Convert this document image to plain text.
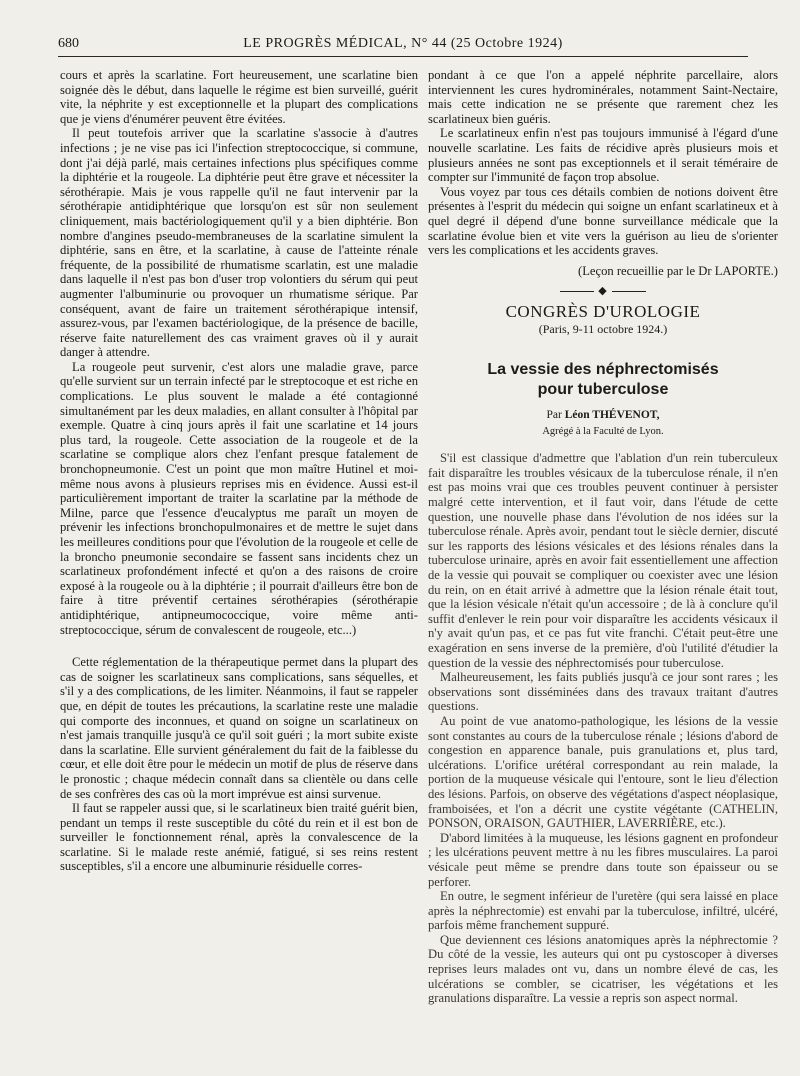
680	LE PROGRÈS MÉDICAL, N° 44 (25 Octobre 1924)

cours et après la scarlatine. Fort heureusement, une scarlatine bien soignée dès le début, dans laquelle le régime est bien surveillé, guérit vite, la néphrite y est exceptionnelle et la plupart des complications que je viens d'énumérer peuvent être évitées.

Il peut toutefois arriver que la scarlatine s'associe à d'autres infections ; je ne vise pas ici l'infection streptococcique, si commune, dont j'ai déjà parlé, mais certaines infections plus spécifiques comme la diphtérie et la rougeole. La diphtérie peut être grave et nécessiter la sérothérapie. Mais je vous rappelle qu'il ne faut intervenir par la sérothérapie antidiphtérique que lorsqu'on est sûr non seulement cliniquement, mais bactériologiquement qu'il y a bien diphtérie. Bon nombre d'angines pseudo-membraneuses de la scarlatine simulent la diphtérie, sans en être, et la scarlatine, à cause de l'atteinte rénale fréquente, de la possibilité de rhumatisme scarlatin, est une maladie dans laquelle il n'est pas bon d'user trop volontiers du sérum qui peut augmenter l'albuminurie ou provoquer un rhumatisme sérique. Par conséquent, avant de faire un traitement sérothérapique intensif, assurez-vous, par l'examen bactériologique, de la présence de bacille, réserve faite naturellement des cas vraiment graves où il y aurait danger à attendre.

La rougeole peut survenir, c'est alors une maladie grave, parce qu'elle survient sur un terrain infecté par le streptocoque et est riche en complications. Le plus souvent le malade a été contagionné simultanément par les deux maladies, en allant consulter à l'hôpital par exemple. Quatre à cinq jours après il fait une scarlatine et 14 jours plus tard, la rougeole. Cette association de la rougeole et de la scarlatine se complique alors chez l'enfant presque fatalement de bronchopneumonie. C'est un point que mon maître Hutinel et moi-même nous avons à plusieurs reprises mis en évidence. Aussi est-il particulièrement important de traiter la scarlatine par la méthode de Milne, parce que l'essence d'eucalyptus me paraît un moyen de prévenir les infections bronchopulmonaires et de mettre le sujet dans les meilleures conditions pour que l'évolution de la rougeole et celle de la broncho pneumonie secondaire se fassent sans incidents chez un scarlatineux profondément infecté et qu'on a des raisons de croire exposé à la rougeole ou à la diphtérie ; il pourrait d'ailleurs être bon de faire à titre préventif certaines sérothérapies (sérothérapie antidiphtérique, antipneumococcique, voire même anti-streptococcique, sérum de convalescent de rougeole, etc...)

Cette réglementation de la thérapeutique permet dans la plupart des cas de soigner les scarlatineux sans complications, sans séquelles, et s'il y a des complications, de les limiter. Néanmoins, il faut se rappeler que, en dépit de toutes les précautions, la scarlatine reste une maladie qui comporte des inconnues, et quand on soigne un scarlatineux on n'est jamais tranquille jusqu'à ce qu'il soit guéri ; la mort subite existe dans la scarlatine. Elle survient généralement du fait de la faiblesse du cœur, et elle doit être pour le médecin un motif de plus de réserve dans le pronostic ; chaque médecin connaît dans sa clientèle ou dans celle de ses confrères des cas où la mort imprévue est ainsi survenue.

Il faut se rappeler aussi que, si le scarlatineux bien traité guérit bien, pendant un temps il reste susceptible du côté du rein et il est bon de surveiller le fonctionnement rénal, après la convalescence de la scarlatine. Si le malade reste anémié, fatigué, si ses reins restent susceptibles, s'il a encore une albuminurie résiduelle corres-

pondant à ce que l'on a appelé néphrite parcellaire, alors interviennent les cures hydrominérales, notamment Saint-Nectaire, mais cette indication ne se présente que rarement chez les scarlatineux bien guéris.

Le scarlatineux enfin n'est pas toujours immunisé à l'égard d'une nouvelle scarlatine. Les faits de récidive après plusieurs mois et plusieurs années ne sont pas exceptionnels et il serait téméraire de compter sur l'immunité de façon trop absolue.

Vous voyez par tous ces détails combien de notions doivent être présentes à l'esprit du médecin qui soigne un enfant scarlatineux et à quel degré il dépend d'une bonne surveillance médicale que la scarlatine évolue bien et vite vers la guérison au lieu de s'orienter vers les complications et les accidents graves.

(Leçon recueillie par le Dr LAPORTE.)
◆
CONGRÈS D'UROLOGIE
(Paris, 9-11 octobre 1924.)
La vessie des néphrectomisés
pour tuberculose
Par Léon THÉVENOT,
Agrégé à la Faculté de Lyon.

S'il est classique d'admettre que l'ablation d'un rein tuberculeux fait disparaître les troubles vésicaux de la tuberculose rénale, il n'en est pas moins vrai que ces troubles peuvent continuer à persister malgré cette intervention, et il faut voir, dans l'étude de cette question, une nouvelle phase dans l'évolution de nos idées sur la tuberculose rénale. Après avoir, pendant tout le siècle dernier, discuté sur les rapports des lésions vésicales et des lésions rénales dans la tuberculose urinaire, après en avoir fait essentiellement une affection de la vessie qui pouvait se compliquer ou coexister avec une lésion du rein, on en était arrivé à admettre que la lésion rénale était tout, que la lésion vésicale n'était qu'un accessoire ; de là à conclure qu'il suffit d'enlever le rein pour voir disparaître les accidents vésicaux il n'y avait qu'un pas, et ce pas fut vite franchi. C'était peut-être une exagération en sens inverse de la première, d'où l'utilité d'étudier la question de la vessie des néphrectomisés pour tuberculose.

Malheureusement, les faits publiés jusqu'à ce jour sont rares ; les observations sont disséminées dans des travaux traitant d'autres questions.

Au point de vue anatomo-pathologique, les lésions de la vessie sont constantes au cours de la tuberculose rénale ; lésions d'abord de congestion en apparence banale, puis granulations et, plus tard, ulcérations. L'orifice urétéral correspondant au rein malade, la portion de la muqueuse vésicale qui l'entoure, sont le lieu d'élection des lésions. Parfois, on observe des végétations d'aspect néoplasique, framboisées, et l'on a décrit une cystite végétante (CATHELIN, PONSON, ORAISON, GAUTHIER, LAVERRIÈRE, etc.).

D'abord limitées à la muqueuse, les lésions gagnent en profondeur ; les ulcérations peuvent mettre à nu les fibres musculaires. La paroi vésicale peut même se prendre dans toute son épaisseur ou se perforer.

En outre, le segment inférieur de l'uretère (qui sera laissé en place après la néphrectomie) est envahi par la tuberculose, infiltré, ulcéré, parfois même franchement suppuré.

Que deviennent ces lésions anatomiques après la néphrectomie ? Du côté de la vessie, les auteurs qui ont pu cystoscoper à diverses reprises leurs malades ont vu, dans un nombre élevé de cas, les ulcérations se combler, se cicatriser, les végétations et les granulations disparaître. La vessie a repris son aspect normal.
